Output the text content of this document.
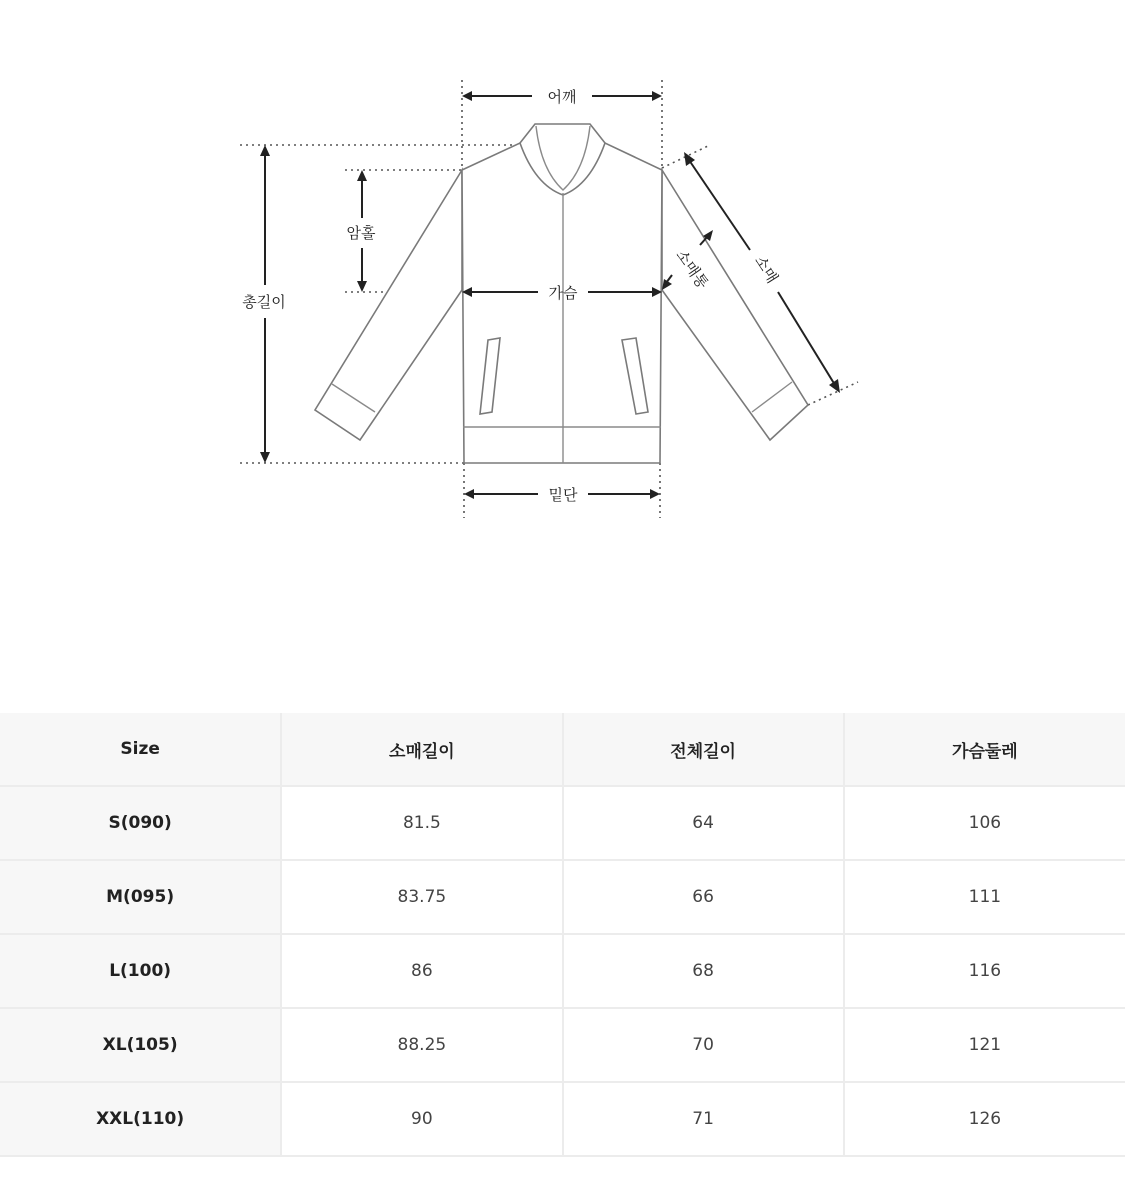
어깨
암홀
총길이	가슴
밑단
소매
소매통
Size	소매길이	전체길이	가슴둘레
S(090)	81.5	64	106
M(095)	83.75	66	111
L(100)	86	68	116
XL(105)	88.25	70	121
XXL(110)	90	71	126
